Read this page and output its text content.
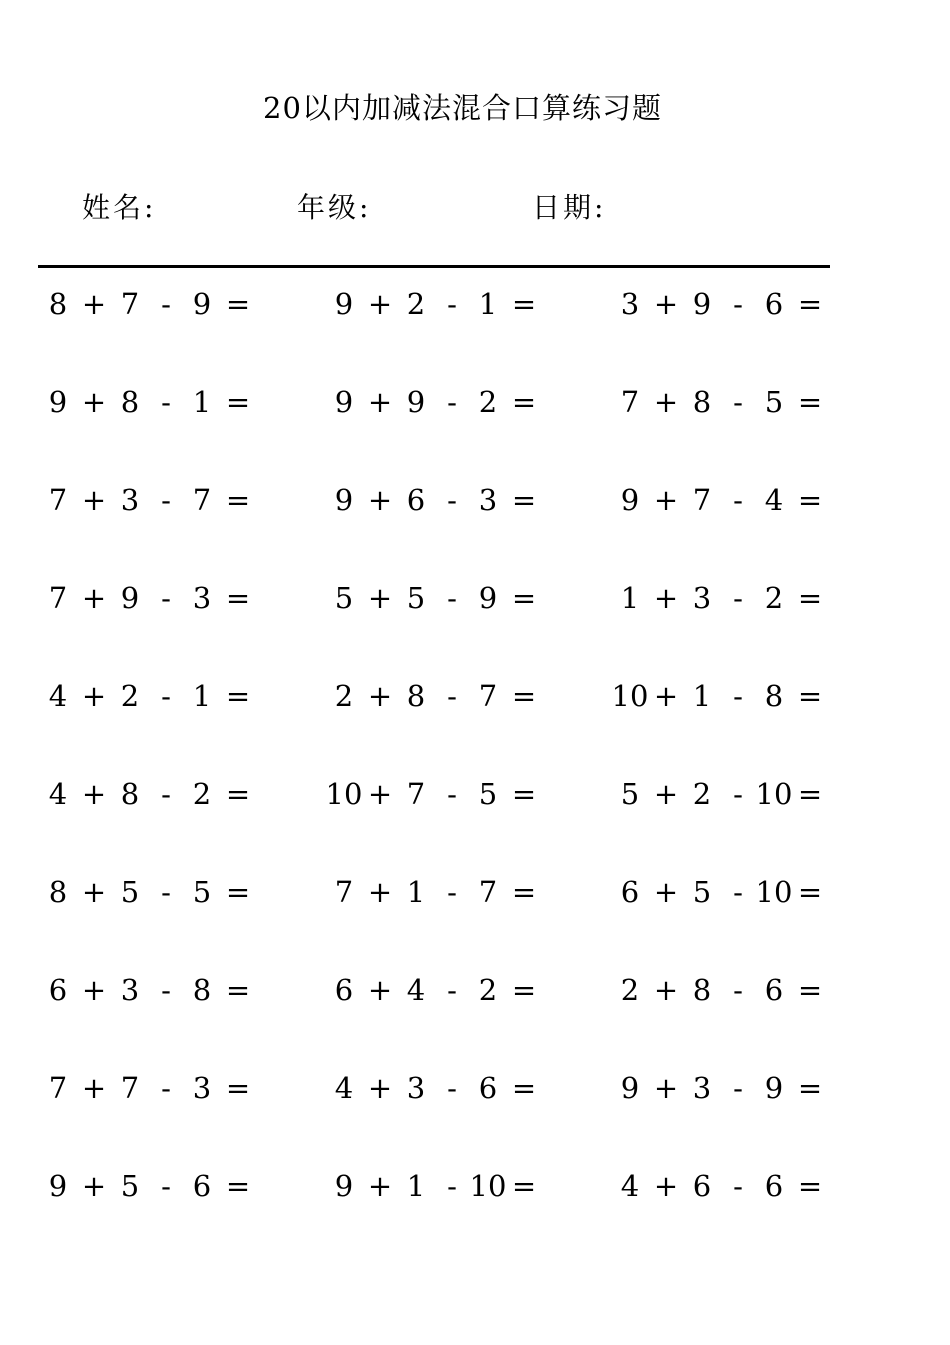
20以内加减法混合口算练习题
姓名:	年级:	日期:
8 + 7 - 9 =	9 + 2 - 1 =	3 + 9 - 6 =
9 + 8 - 1 =	9 + 9 - 2 =	7 + 8 - 5 =
7 + 3 - 7 =	9 + 6 - 3 =	9 + 7 - 4 =
7 + 9 - 3 =	5 + 5 - 9 =	1 + 3 - 2 =
4 + 2 - 1 =	2 + 8 - 7 =	10 + 1 - 8 =
4 + 8 - 2 =	10 + 7 - 5 =	5 + 2 - 10 =
8 + 5 - 5 =	7 + 1 - 7 =	6 + 5 - 10 =
6 + 3 - 8 =	6 + 4 - 2 =	2 + 8 - 6 =
7 + 7 - 3 =	4 + 3 - 6 =	9 + 3 - 9 =
9 + 5 - 6 =	9 + 1 - 10 =	4 + 6 - 6 =
